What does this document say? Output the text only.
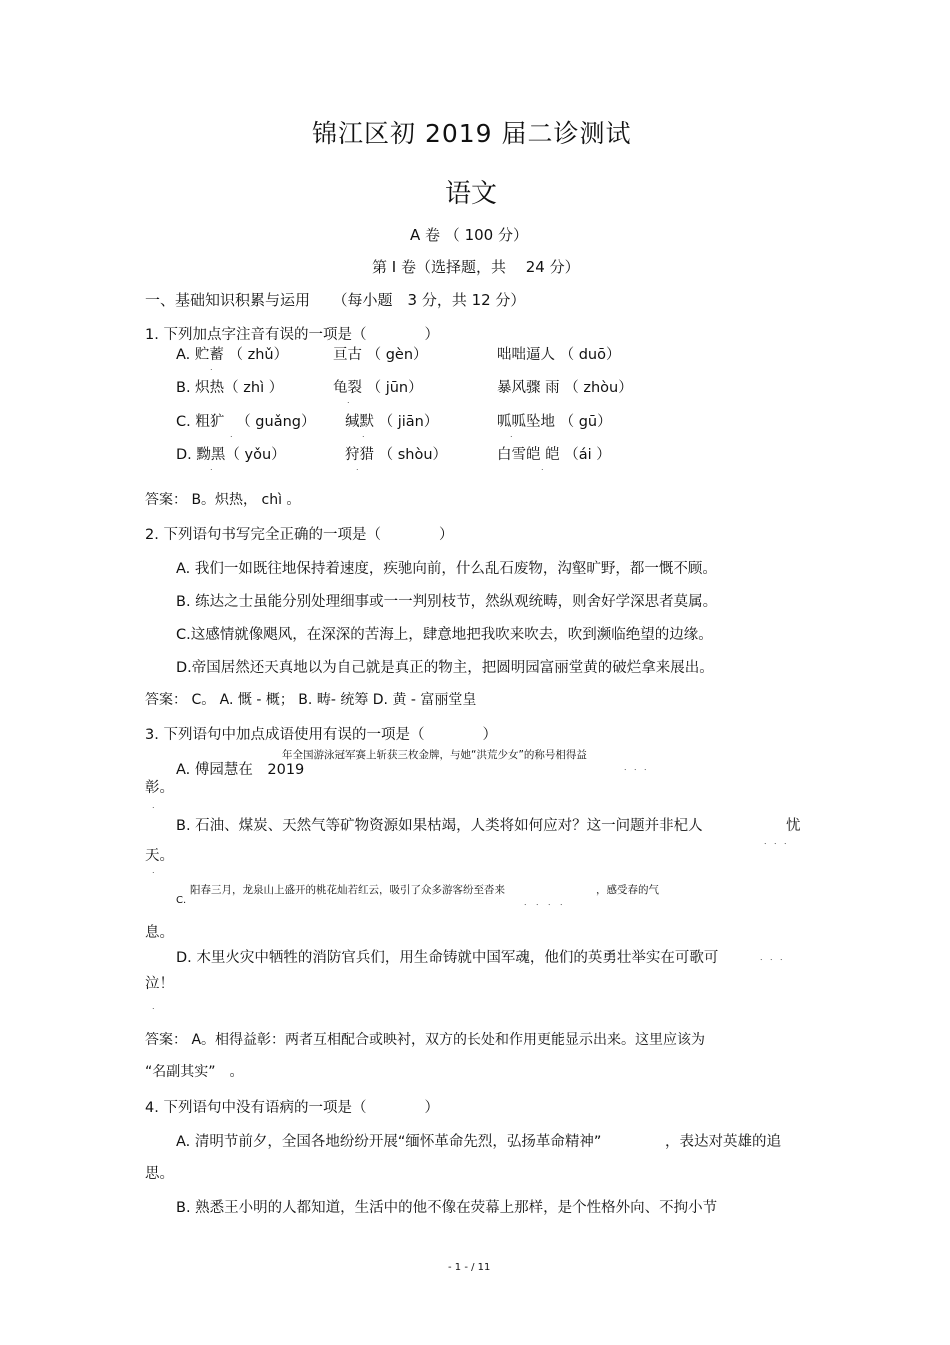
锦江区初 2019 届二诊测试
语文
A 卷 （ 100 分）
第 I 卷（选择题，共　 24 分）
一、基础知识积累与运用　　（每小题　3 分，共 12 分）
1. 下列加点字注音有误的一项是（　　　　）
A. 贮蓄 （ zhǔ）	亘古 （ gèn）	咄咄逼人 （ duō）
.
B. 炽热（ zhì ）	龟裂 （ jūn）	暴风骤 雨 （ zhòu）
.
C. 粗犷 　（ guǎng） 缄默 （ jiān）	呱呱坠地 （ gū）
.	.	.
D. 黝黑（ yǒu）	狩猎 （ shòu）	白雪皑 皑 （ái ）
.	.	.
答案： B。炽热， chì 。
2. 下列语句书写完全正确的一项是（　　　　）
A. 我们一如既往地保持着速度，疾驰向前，什么乱石废物，沟壑旷野，都一慨不顾。
B. 练达之士虽能分别处理细事或一一判别枝节，然纵观统畴，则舍好学深思者莫属。
C.这感情就像飓风，在深深的苦海上，肆意地把我吹来吹去，吹到濒临绝望的边缘。
D.帝国居然还天真地以为自己就是真正的物主，把圆明园富丽堂黄的破烂拿来展出。
答案： C。 A. 慨 - 概； B. 畴- 统筹 D. 黄 - 富丽堂皇
3. 下列语句中加点成语使用有误的一项是（　　　　）
A. 傅园慧在　2019
年全国游泳冠军赛上斩获三枚金牌，与她“洪荒少女”的称号相得益
．．．
彰。
.
B. 石油、煤炭、天然气等矿物资源如果枯竭，人类将如何应对？这一问题并非杞人	忧
．．．
天。
.
阳春三月，龙泉山上盛开的桃花灿若红云，吸引了众多游客纷至沓来	，感受春的气
C.	．．．．
息。
D. 木里火灾中牺牲的消防官兵们，用生命铸就中国军魂，他们的英勇壮举实在可歌可	．．．
泣！
.
答案： A。相得益彰：两者互相配合或映衬，双方的长处和作用更能显示出来。这里应该为
“名副其实”　。
4. 下列语句中没有语病的一项是（　　　　）
A. 清明节前夕，全国各地纷纷开展“缅怀革命先烈，弘扬革命精神”	，表达对英雄的追
思。
B. 熟悉王小明的人都知道，生活中的他不像在荧幕上那样，是个性格外向、不拘小节
- 1 - / 11
